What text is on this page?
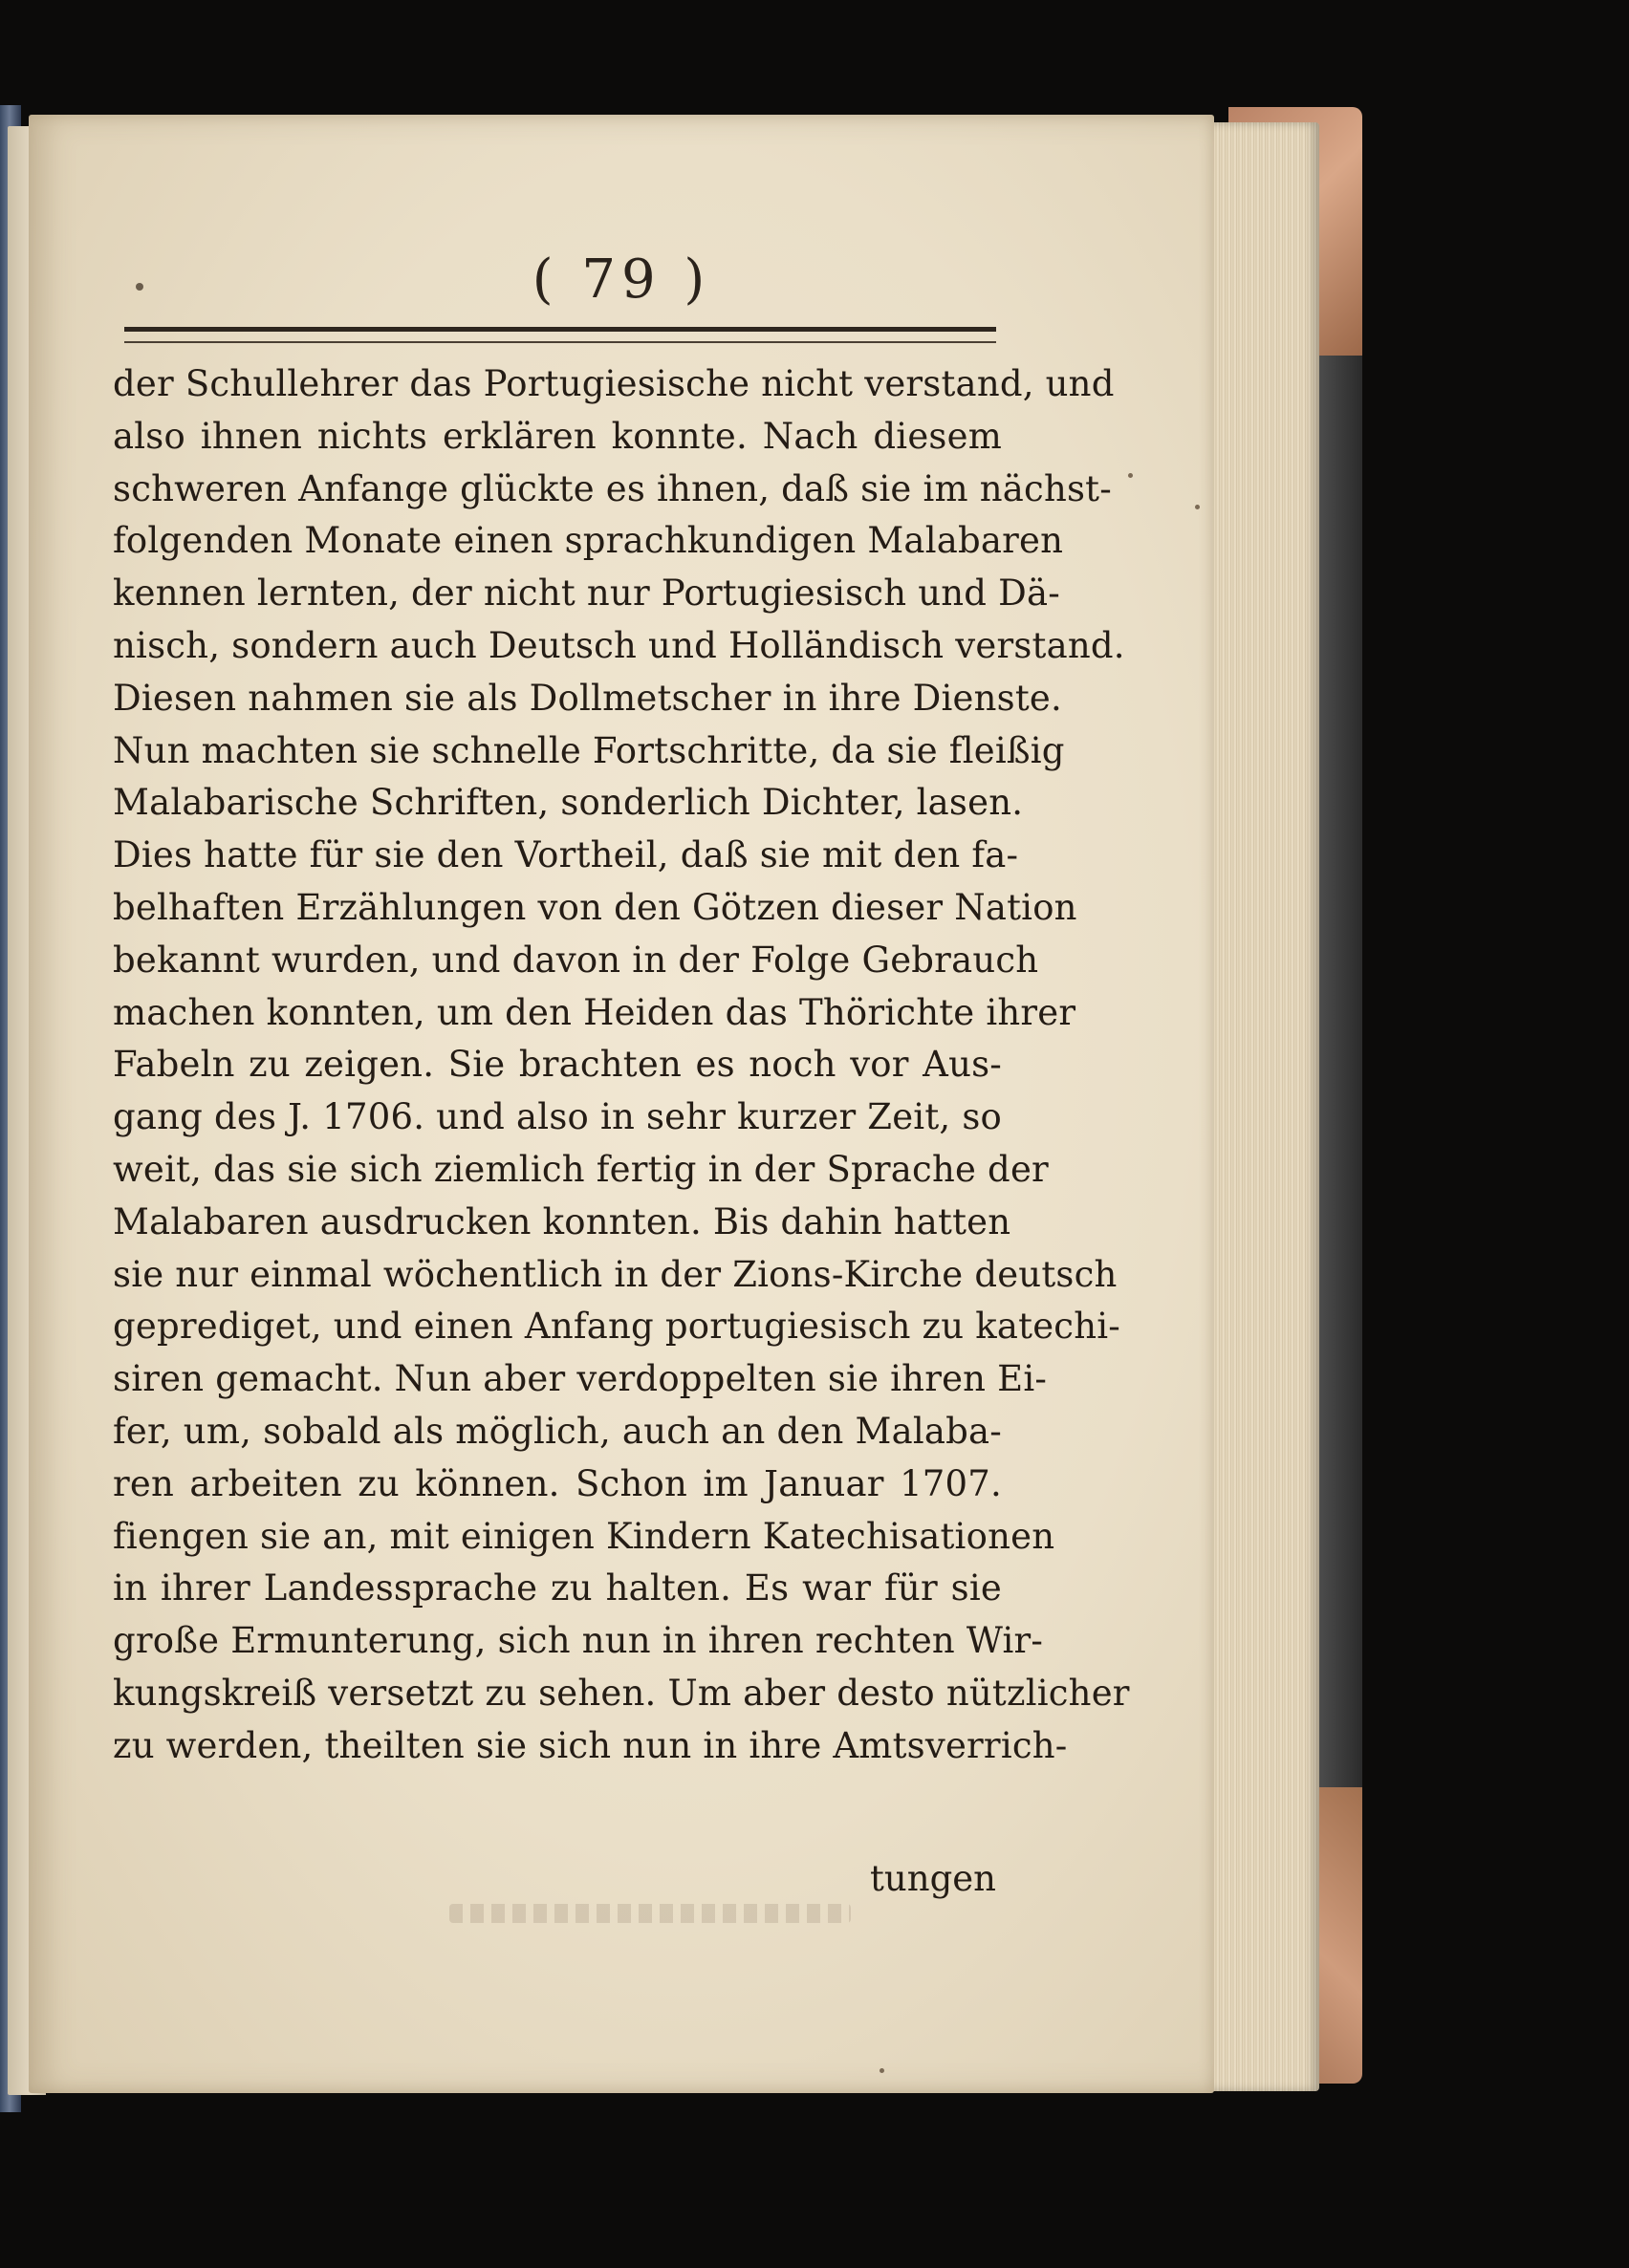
( 79 )
der Schullehrer das Portugiesische nicht verstand, und
also ihnen nichts erklären konnte. Nach diesem
schweren Anfange glückte es ihnen, daß sie im nächst-
folgenden Monate einen sprachkundigen Malabaren
kennen lernten, der nicht nur Portugiesisch und Dä-
nisch, sondern auch Deutsch und Holländisch verstand.
Diesen nahmen sie als Dollmetscher in ihre Dienste.
Nun machten sie schnelle Fortschritte, da sie fleißig
Malabarische Schriften, sonderlich Dichter, lasen.
Dies hatte für sie den Vortheil, daß sie mit den fa-
belhaften Erzählungen von den Götzen dieser Nation
bekannt wurden, und davon in der Folge Gebrauch
machen konnten, um den Heiden das Thörichte ihrer
Fabeln zu zeigen. Sie brachten es noch vor Aus-
gang des J. 1706. und also in sehr kurzer Zeit, so
weit, das sie sich ziemlich fertig in der Sprache der
Malabaren ausdrucken konnten. Bis dahin hatten
sie nur einmal wöchentlich in der Zions-Kirche deutsch
geprediget, und einen Anfang portugiesisch zu katechi-
siren gemacht. Nun aber verdoppelten sie ihren Ei-
fer, um, sobald als möglich, auch an den Malaba-
ren arbeiten zu können. Schon im Januar 1707.
fiengen sie an, mit einigen Kindern Katechisationen
in ihrer Landessprache zu halten. Es war für sie
große Ermunterung, sich nun in ihren rechten Wir-
kungskreiß versetzt zu sehen. Um aber desto nützlicher
zu werden, theilten sie sich nun in ihre Amtsverrich-
tungen
